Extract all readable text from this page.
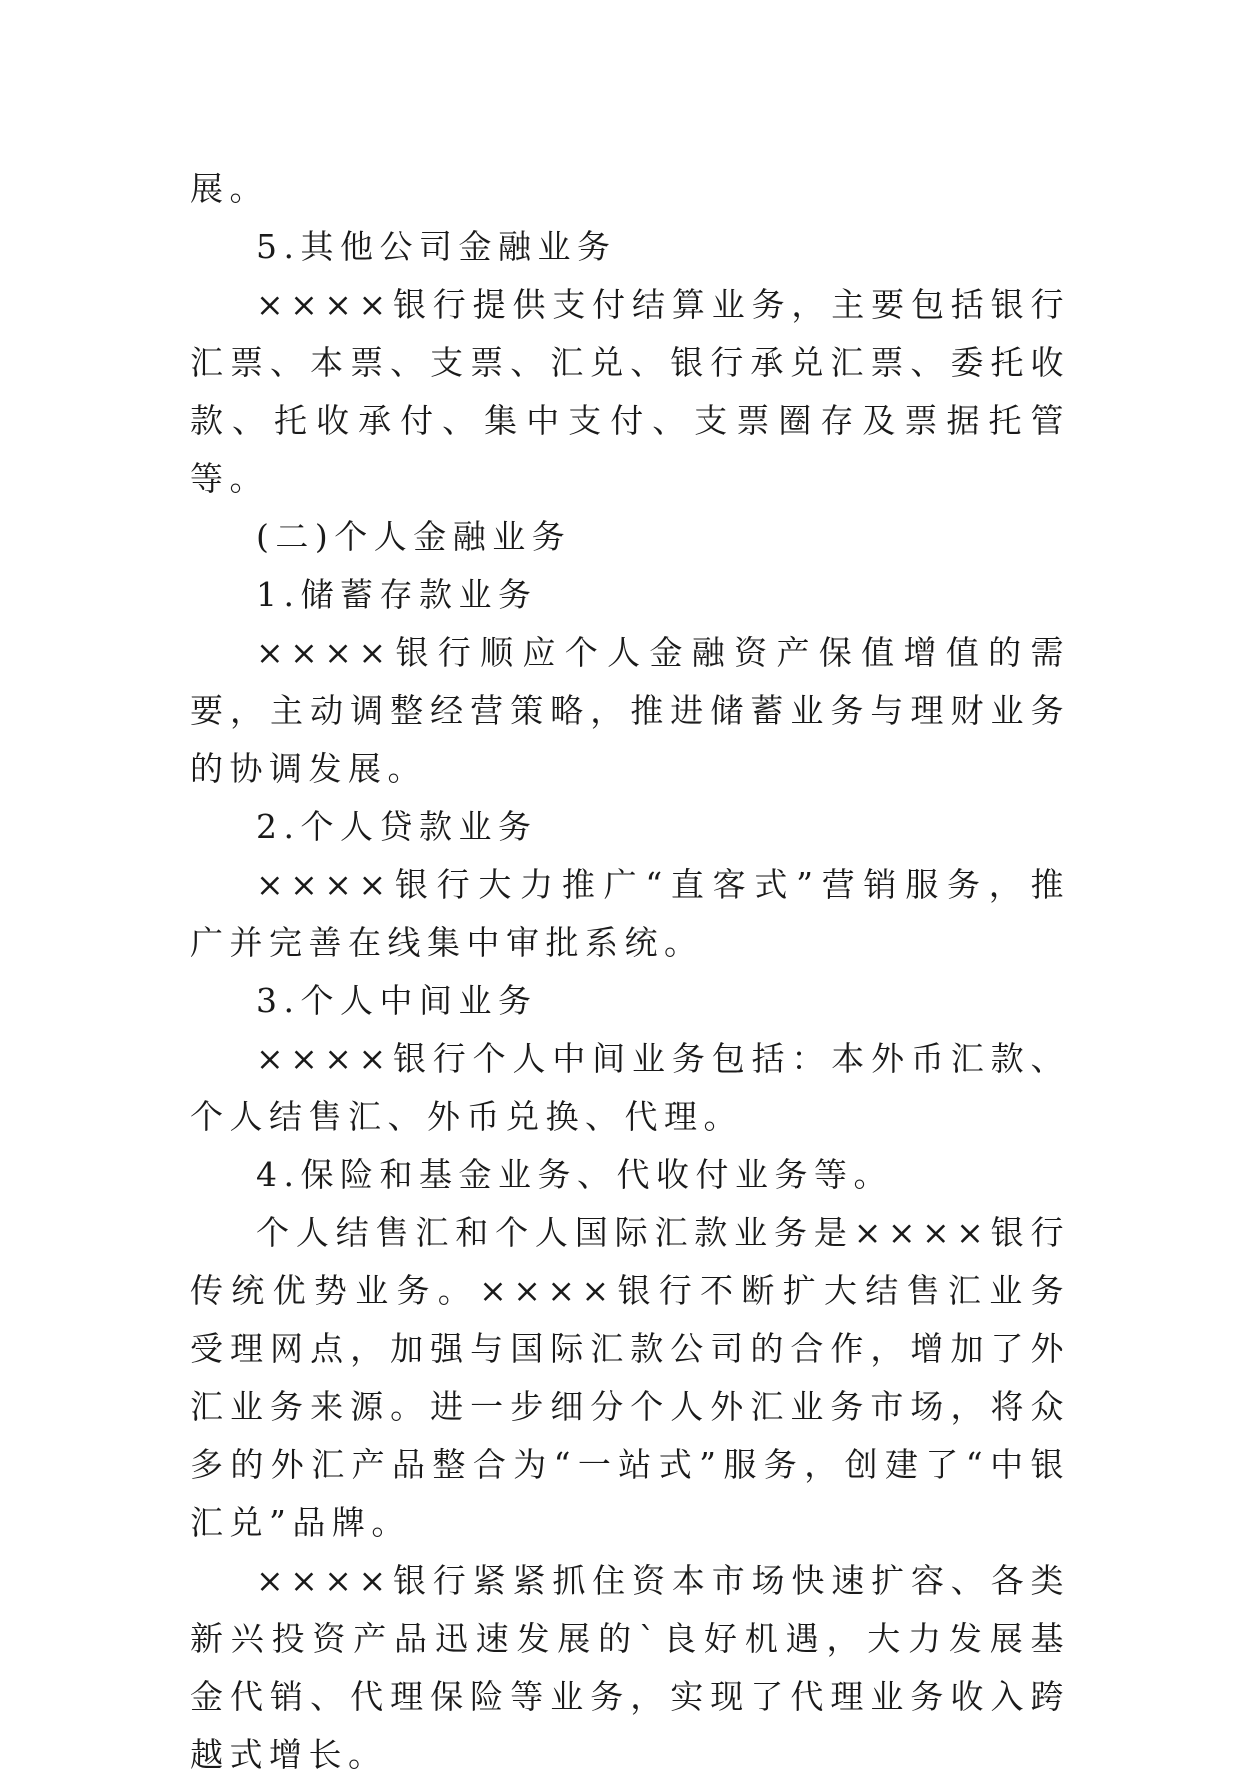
展。

5.其他公司金融业务

××××银行提供支付结算业务，主要包括银行汇票、本票、支票、汇兑、银行承兑汇票、委托收款、托收承付、集中支付、支票圈存及票据托管等。

(二)个人金融业务

1.储蓄存款业务

××××银行顺应个人金融资产保值增值的需要，主动调整经营策略，推进储蓄业务与理财业务的协调发展。

2.个人贷款业务

××××银行大力推广“直客式”营销服务，推广并完善在线集中审批系统。

3.个人中间业务

××××银行个人中间业务包括：本外币汇款、个人结售汇、外币兑换、代理。

4.保险和基金业务、代收付业务等。

个人结售汇和个人国际汇款业务是××××银行传统优势业务。××××银行不断扩大结售汇业务受理网点，加强与国际汇款公司的合作，增加了外汇业务来源。进一步细分个人外汇业务市场，将众多的外汇产品整合为“一站式”服务，创建了“中银汇兑”品牌。

××××银行紧紧抓住资本市场快速扩容、各类新兴投资产品迅速发展的`良好机遇，大力发展基金代销、代理保险等业务，实现了代理业务收入跨越式增长。
